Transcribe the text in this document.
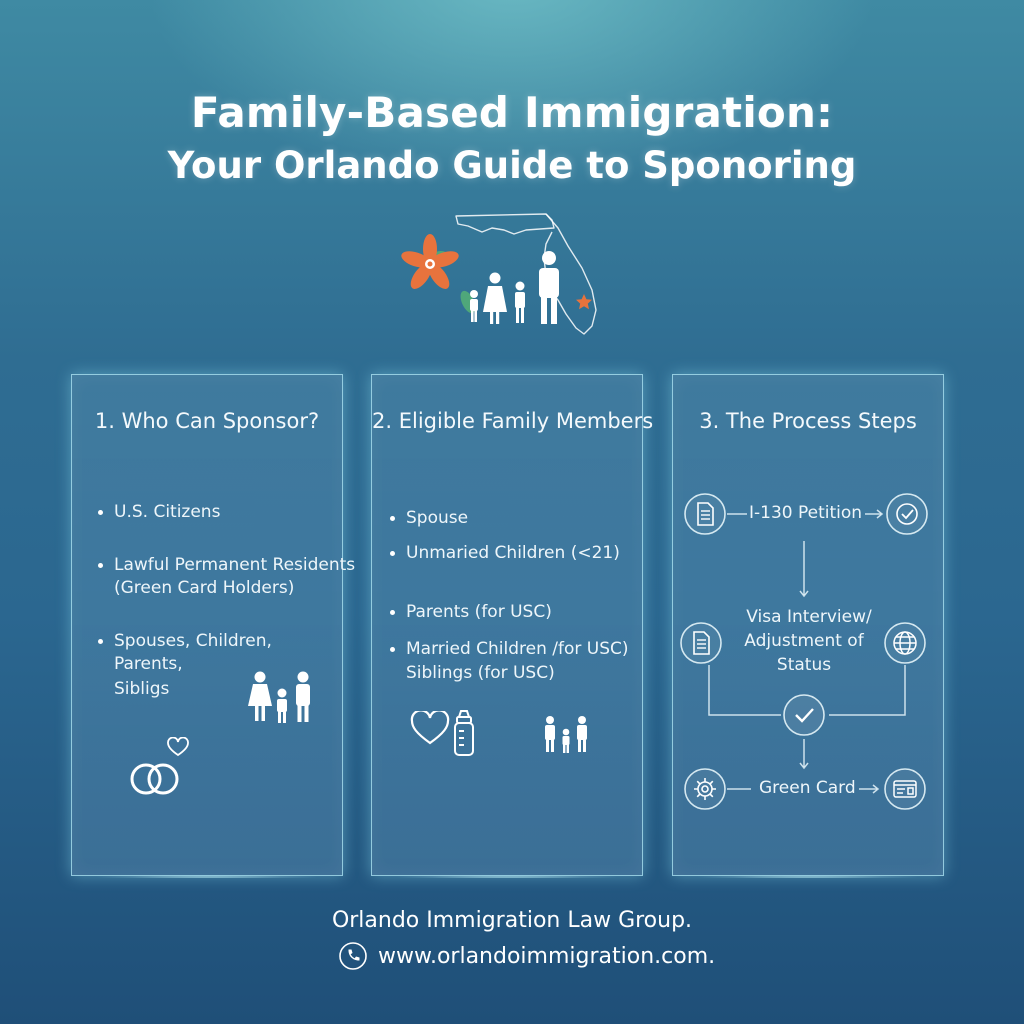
Family-Based Immigration:
Your Orlando Guide to Sponoring
1. Who Can Sponsor?
U.S. Citizens
Lawful Permanent Residents
(Green Card Holders)
Spouses, Children,
Parents,
Sibligs
2. Eligible Family Members
Spouse
Unmaried Children (<21)
Parents (for USC)
Married Children /for USC)
Siblings (for USC)
3. The Process Steps
I-130 Petition
Visa Interview/
Adjustment of
Status
Green Card
Orlando Immigration Law Group.
www.orlandoimmigration.com.
